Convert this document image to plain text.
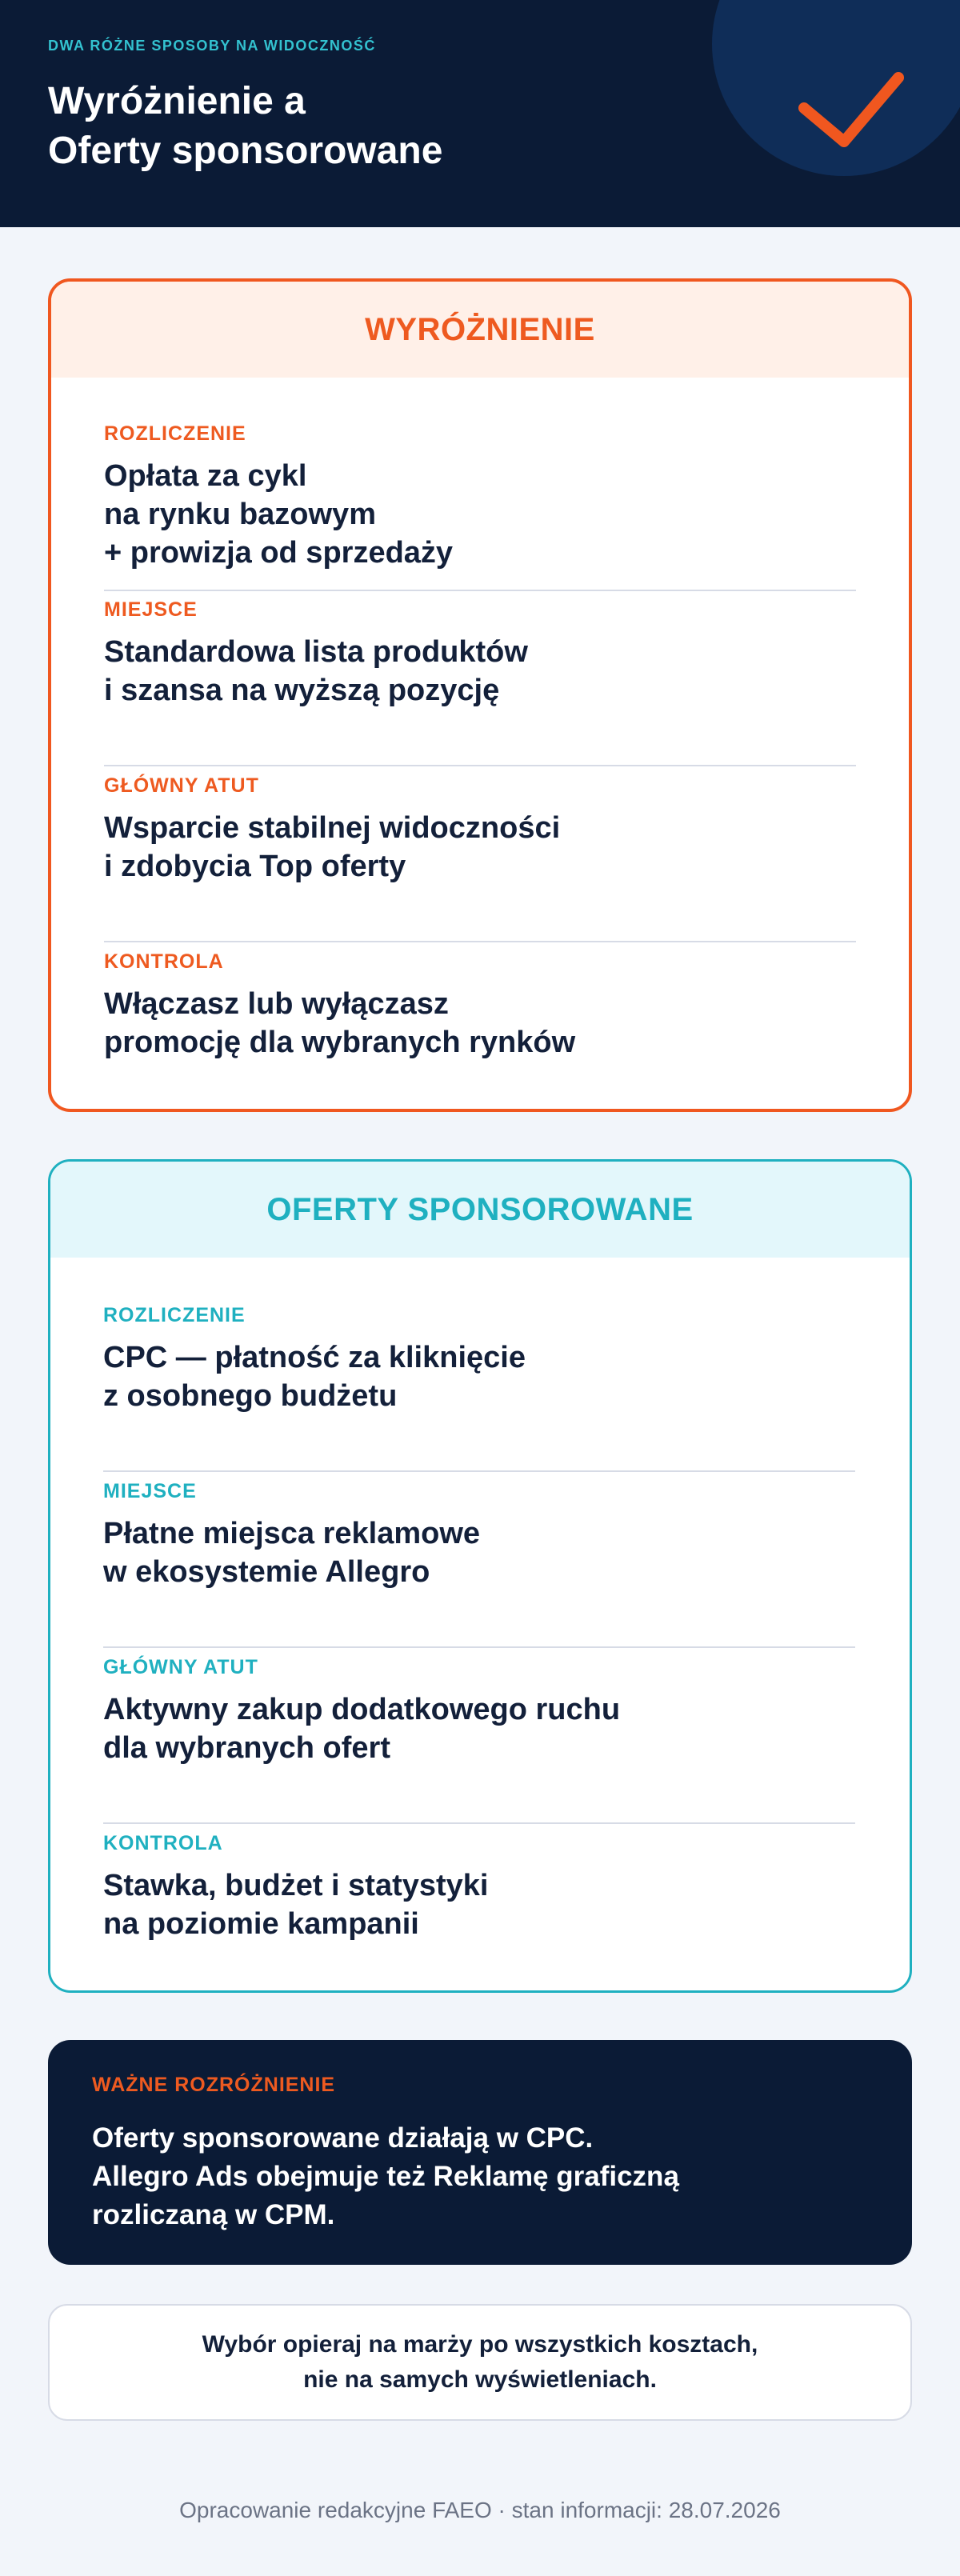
DWA RÓŻNE SPOSOBY NA WIDOCZNOŚĆ
Wyróżnienie a
Oferty sponsorowane
WYRÓŻNIENIE
ROZLICZENIE
Opłata za cykl
na rynku bazowym
+ prowizja od sprzedaży
MIEJSCE
Standardowa lista produktów
i szansa na wyższą pozycję
GŁÓWNY ATUT
Wsparcie stabilnej widoczności
i zdobycia Top oferty
KONTROLA
Włączasz lub wyłączasz
promocję dla wybranych rynków
OFERTY SPONSOROWANE
ROZLICZENIE
CPC — płatność za kliknięcie
z osobnego budżetu
MIEJSCE
Płatne miejsca reklamowe
w ekosystemie Allegro
GŁÓWNY ATUT
Aktywny zakup dodatkowego ruchu
dla wybranych ofert
KONTROLA
Stawka, budżet i statystyki
na poziomie kampanii
WAŻNE ROZRÓŻNIENIE
Oferty sponsorowane działają w CPC.
Allegro Ads obejmuje też Reklamę graficzną
rozliczaną w CPM.
Wybór opieraj na marży po wszystkich kosztach,
nie na samych wyświetleniach.
Opracowanie redakcyjne FAEO · stan informacji: 28.07.2026
